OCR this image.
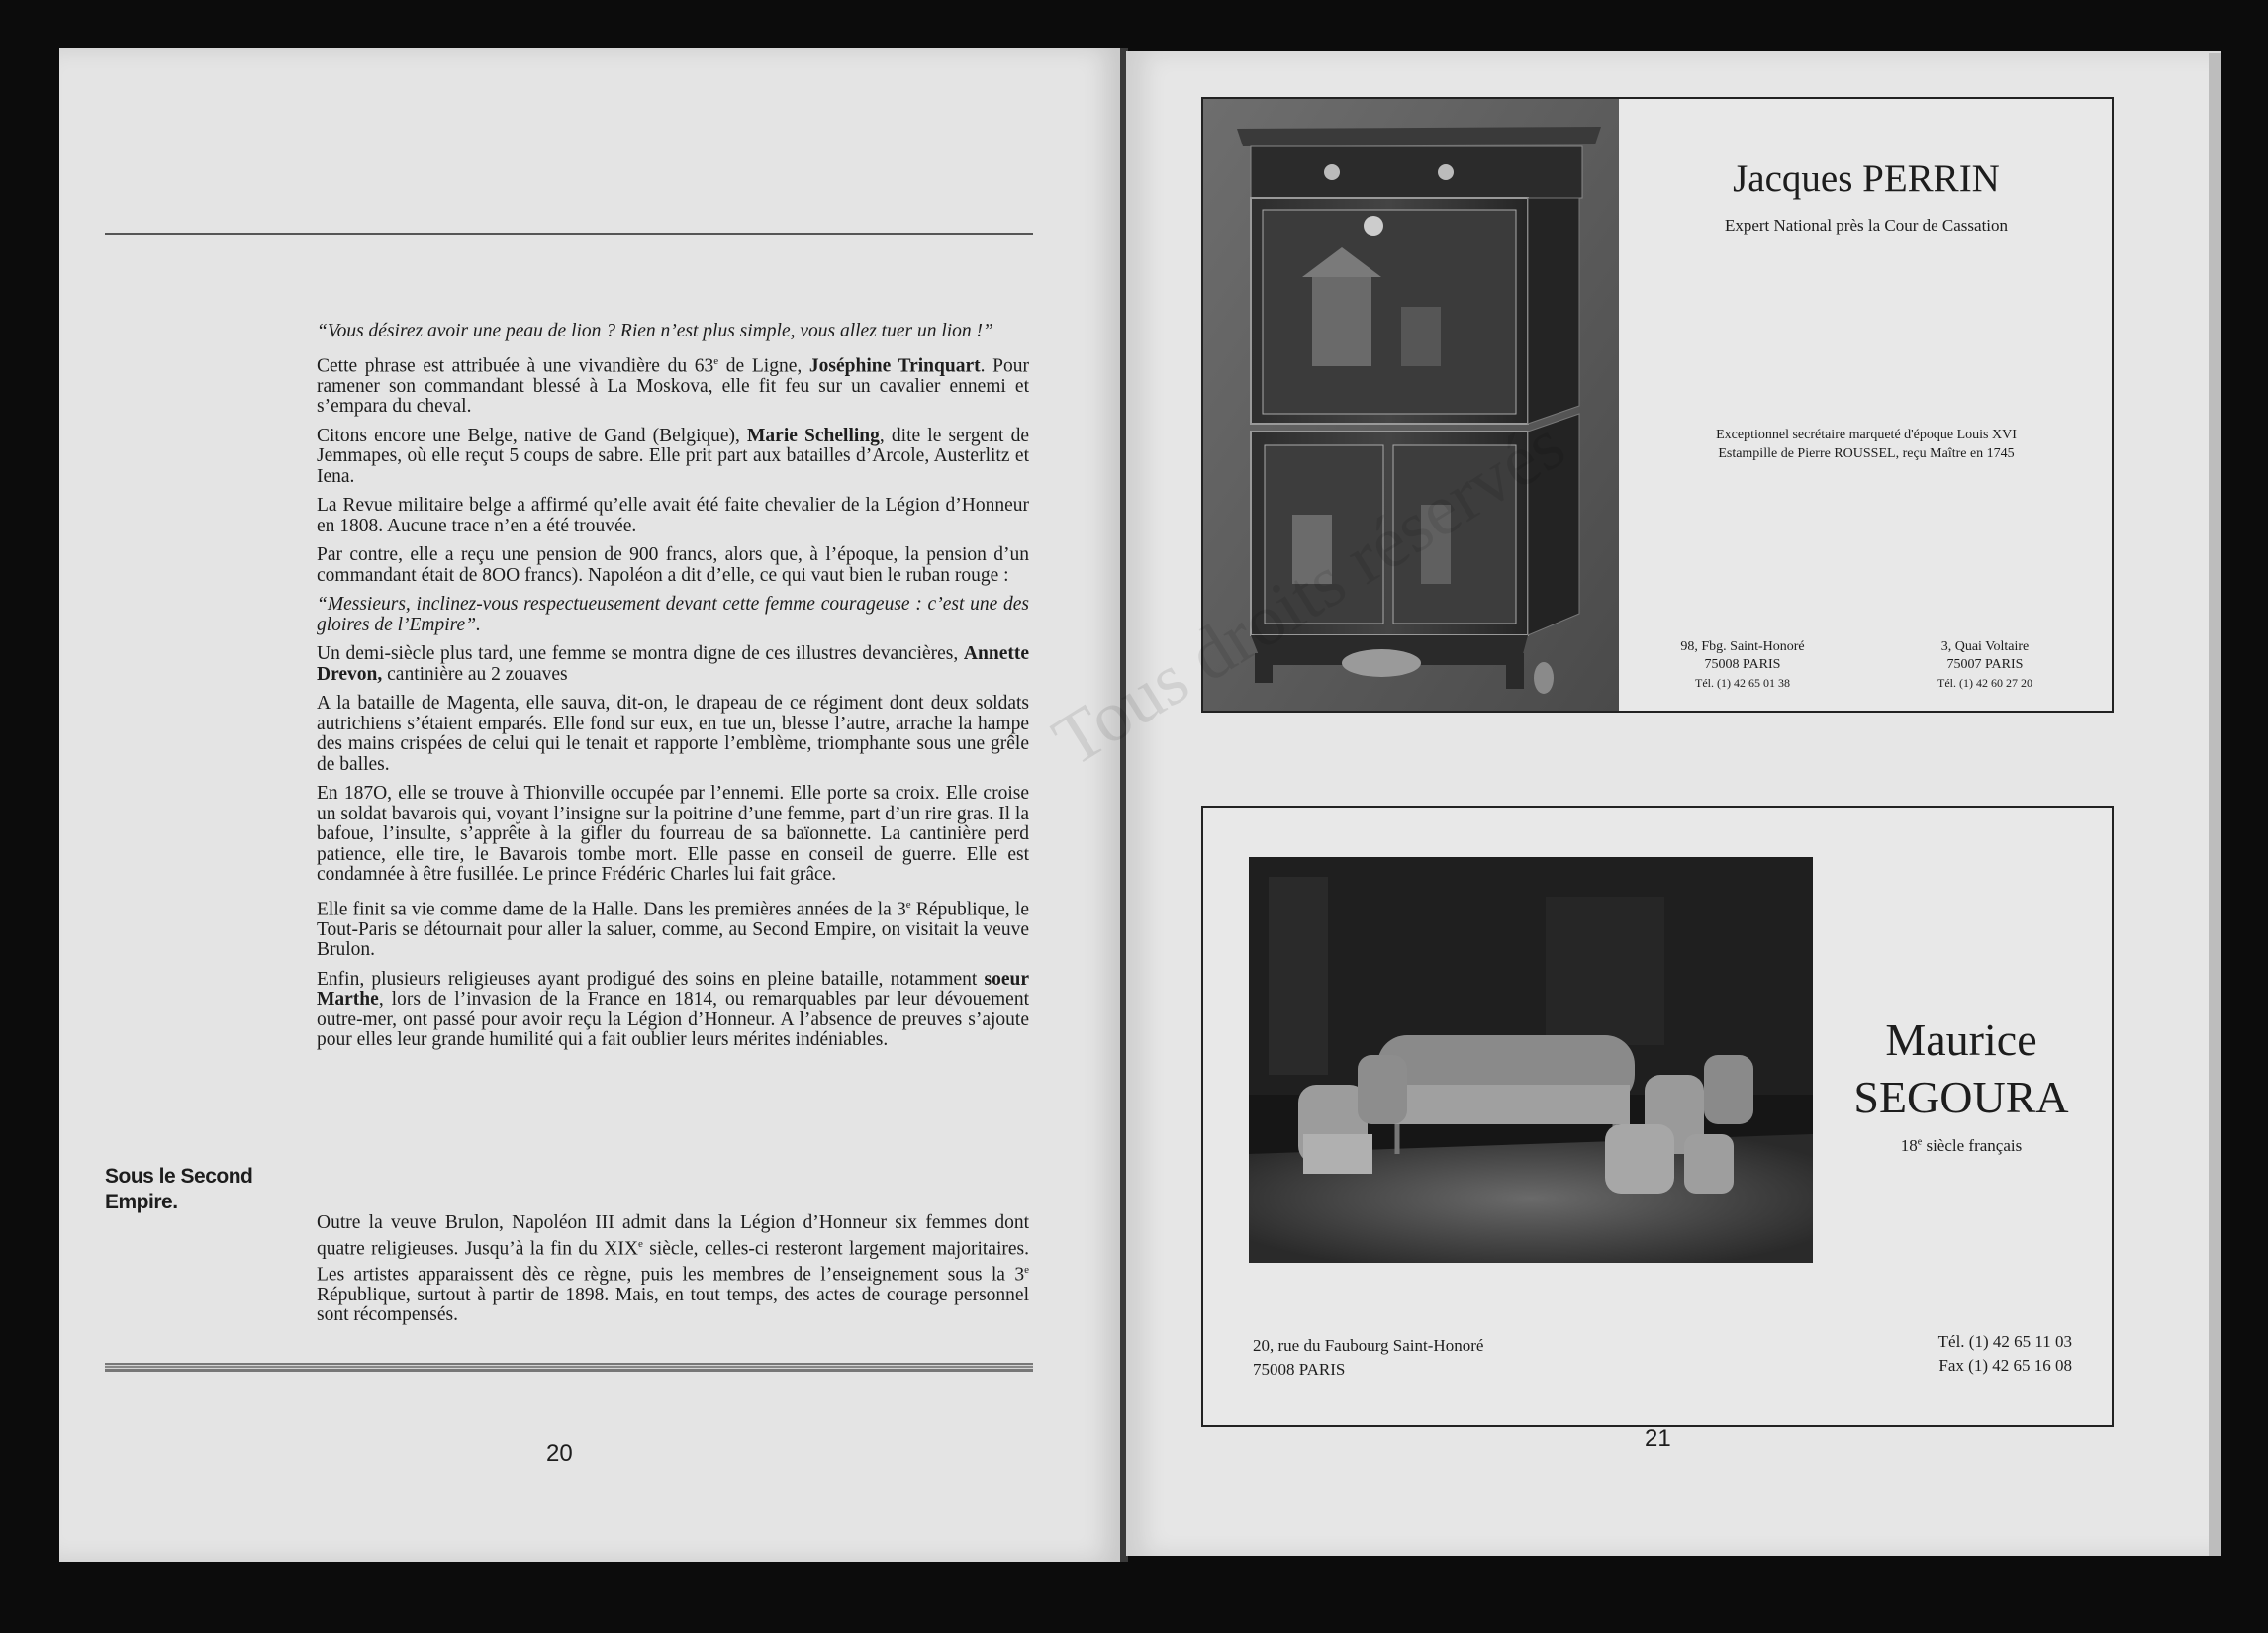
“Vous désirez avoir une peau de lion ? Rien n’est plus simple, vous allez tuer un lion !”

Cette phrase est attribuée à une vivandière du 63e de Ligne, Joséphine Trinquart. Pour ramener son commandant blessé à La Moskova, elle fit feu sur un cavalier ennemi et s’empara du cheval.

Citons encore une Belge, native de Gand (Belgique), Marie Schelling, dite le sergent de Jemmapes, où elle reçut 5 coups de sabre. Elle prit part aux batailles d’Arcole, Austerlitz et Iena.

La Revue militaire belge a affirmé qu’elle avait été faite chevalier de la Légion d’Honneur en 1808. Aucune trace n’en a été trouvée.

Par contre, elle a reçu une pension de 900 francs, alors que, à l’époque, la pension d’un commandant était de 8OO francs). Napoléon a dit d’elle, ce qui vaut bien le ruban rouge :

“Messieurs, inclinez-vous respectueusement devant cette femme courageuse : c’est une des gloires de l’Empire”.

Un demi-siècle plus tard, une femme se montra digne de ces illustres devancières, Annette Drevon, cantinière au 2 zouaves

A la bataille de Magenta, elle sauva, dit-on, le drapeau de ce régiment dont deux soldats autrichiens s’étaient emparés. Elle fond sur eux, en tue un, blesse l’autre, arrache la hampe des mains crispées de celui qui le tenait et rapporte l’emblème, triomphante sous une grêle de balles.

En 187O, elle se trouve à Thionville occupée par l’ennemi. Elle porte sa croix. Elle croise un soldat bavarois qui, voyant l’insigne sur la poitrine d’une femme, part d’un rire gras. Il la bafoue, l’insulte, s’apprête à la gifler du fourreau de sa baïonnette. La cantinière perd patience, elle tire, le Bavarois tombe mort. Elle passe en conseil de guerre. Elle est condamnée à être fusillée. Le prince Frédéric Charles lui fait grâce.

Elle finit sa vie comme dame de la Halle. Dans les premières années de la 3e République, le Tout-Paris se détournait pour aller la saluer, comme, au Second Empire, on visitait la veuve Brulon.

Enfin, plusieurs religieuses ayant prodigué des soins en pleine bataille, notamment soeur Marthe, lors de l’invasion de la France en 1814, ou remarquables par leur dévouement outre-mer, ont passé pour avoir reçu la Légion d’Honneur. A l’absence de preuves s’ajoute pour elles leur grande humilité qui a fait oublier leurs mérites indéniables.

Sous le Second Empire.

Outre la veuve Brulon, Napoléon III admit dans la Légion d’Honneur six femmes dont quatre religieuses. Jusqu’à la fin du XIXe siècle, celles-ci resteront largement majoritaires. Les artistes apparaissent dès ce règne, puis les membres de l’enseignement sous la 3e République, surtout à partir de 1898. Mais, en tout temps, des actes de courage personnel sont récompensés.

20
Jacques PERRIN
Expert National près la Cour de Cassation
Exceptionnel secrétaire marqueté d'époque Louis XVI
Estampille de Pierre ROUSSEL, reçu Maître en 1745
98, Fbg. Saint-Honoré
75008 PARIS
Tél. (1) 42 65 01 38
3, Quai Voltaire
75007 PARIS
Tél. (1) 42 60 27 20
Maurice
SEGOURA
18e siècle français
20, rue du Faubourg Saint-Honoré
75008 PARIS
Tél. (1) 42 65 11 03
Fax (1) 42 65 16 08
21
